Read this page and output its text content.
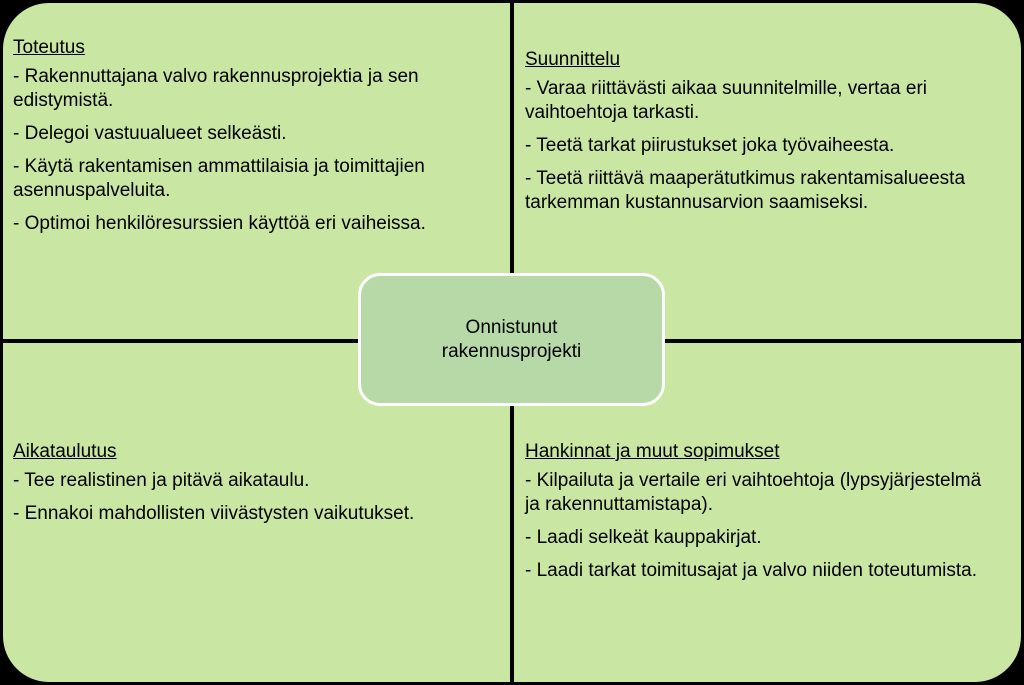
Toteutus
- Rakennuttajana valvo rakennusprojektia ja sen edistymistä.
- Delegoi vastuualueet selkeästi.
- Käytä rakentamisen ammattilaisia ja toimittajien asennuspalveluita.
- Optimoi henkilöresurssien käyttöä eri vaiheissa.
Suunnittelu
- Varaa riittävästi aikaa suunnitelmille, vertaa eri vaihtoehtoja tarkasti.
- Teetä tarkat piirustukset joka työvaiheesta.
- Teetä riittävä maaperätutkimus rakentamisalueesta tarkemman kustannusarvion saamiseksi.
Aikataulutus
- Tee realistinen ja pitävä aikataulu.
- Ennakoi mahdollisten viivästysten vaikutukset.
Hankinnat ja muut sopimukset
- Kilpailuta ja vertaile eri vaihtoehtoja (lypsyjärjestelmä ja rakennuttamistapa).
- Laadi selkeät kauppakirjat.
- Laadi tarkat toimitusajat ja valvo niiden toteutumista.
Onnistunut rakennusprojekti
